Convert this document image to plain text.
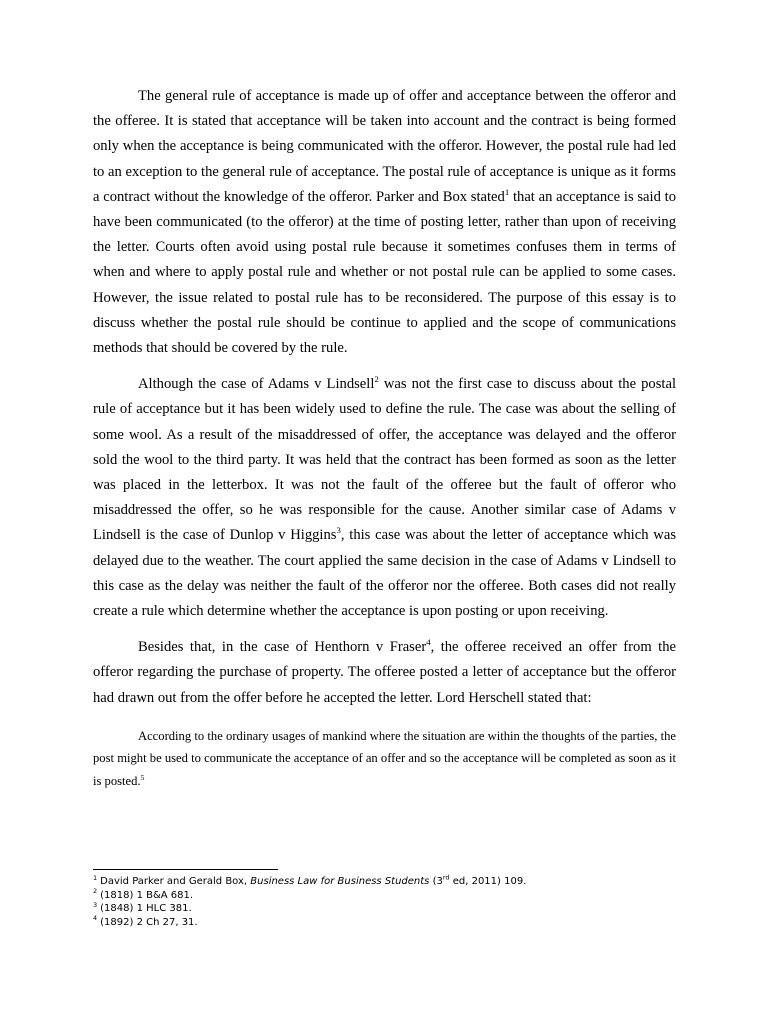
The general rule of acceptance is made up of offer and acceptance between the offeror and the offeree. It is stated that acceptance will be taken into account and the contract is being formed only when the acceptance is being communicated with the offeror. However, the postal rule had led to an exception to the general rule of acceptance. The postal rule of acceptance is unique as it forms a contract without the knowledge of the offeror. Parker and Box stated$^1$ that an acceptance is said to have been communicated (to the offeror) at the time of posting letter, rather than upon of receiving the letter. Courts often avoid using postal rule because it sometimes confuses them in terms of when and where to apply postal rule and whether or not postal rule can be applied to some cases. However, the issue related to postal rule has to be reconsidered. The purpose of this essay is to discuss whether the postal rule should be continue to applied and the scope of communications methods that should be covered by the rule.

Although the case of Adams v Lindsell$^2$ was not the first case to discuss about the postal rule of acceptance but it has been widely used to define the rule. The case was about the selling of some wool. As a result of the misaddressed of offer, the acceptance was delayed and the offeror sold the wool to the third party. It was held that the contract has been formed as soon as the letter was placed in the letterbox. It was not the fault of the offeree but the fault of offeror who misaddressed the offer, so he was responsible for the cause. Another similar case of Adams v Lindsell is the case of Dunlop v Higgins$^3$, this case was about the letter of acceptance which was delayed due to the weather. The court applied the same decision in the case of Adams v Lindsell to this case as the delay was neither the fault of the offeror nor the offeree. Both cases did not really create a rule which determine whether the acceptance is upon posting or upon receiving.

Besides that, in the case of Henthorn v Fraser$^4$, the offeree received an offer from the offeror regarding the purchase of property. The offeree posted a letter of acceptance but the offeror had drawn out from the offer before he accepted the letter. Lord Herschell stated that:

According to the ordinary usages of mankind where the situation are within the thoughts of the parties, the post might be used to communicate the acceptance of an offer and so the acceptance will be completed as soon as it is posted.$^5$

$^1$ David Parker and Gerald Box, Business Law for Business Students (3rd ed, 2011) 109.
$^2$ (1818) 1 B&A 681.
$^3$ (1848) 1 HLC 381.
$^4$ (1892) 2 Ch 27, 31.
